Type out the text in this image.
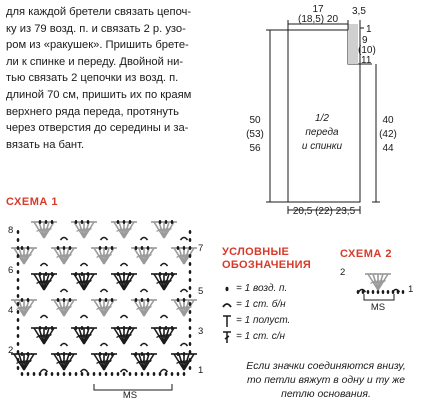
для каждой бретели связать цепоч-
ку из 79 возд. п. и связать 2 р. узо-
ром из «ракушек». Пришить брете-
ли к спинке и переду. Двойной ни-
тью связать 2 цепочки из возд. п.
длиной 70 см, пришить их по краям
верхнего ряда переда, протянуть
через отверстия до середины и за-
вязать на бант.
17
(18,5) 20
3,5
1
9
(10)
11
50
(53)
56
40
(42)
44
1/2
переда
и спинки
20,5 (22) 23,5
8
6
4
2
7
5
3
1
MS
2
1
MS
СХЕМА 1
СХЕМА 2
УСЛОВНЫЕ
ОБОЗНАЧЕНИЯ
= 1 возд. п.
= 1 ст. б/н
= 1 полуст.
= 1 ст. с/н
Если значки соединяются внизу,
то петли вяжут в одну и ту же
петлю основания.
